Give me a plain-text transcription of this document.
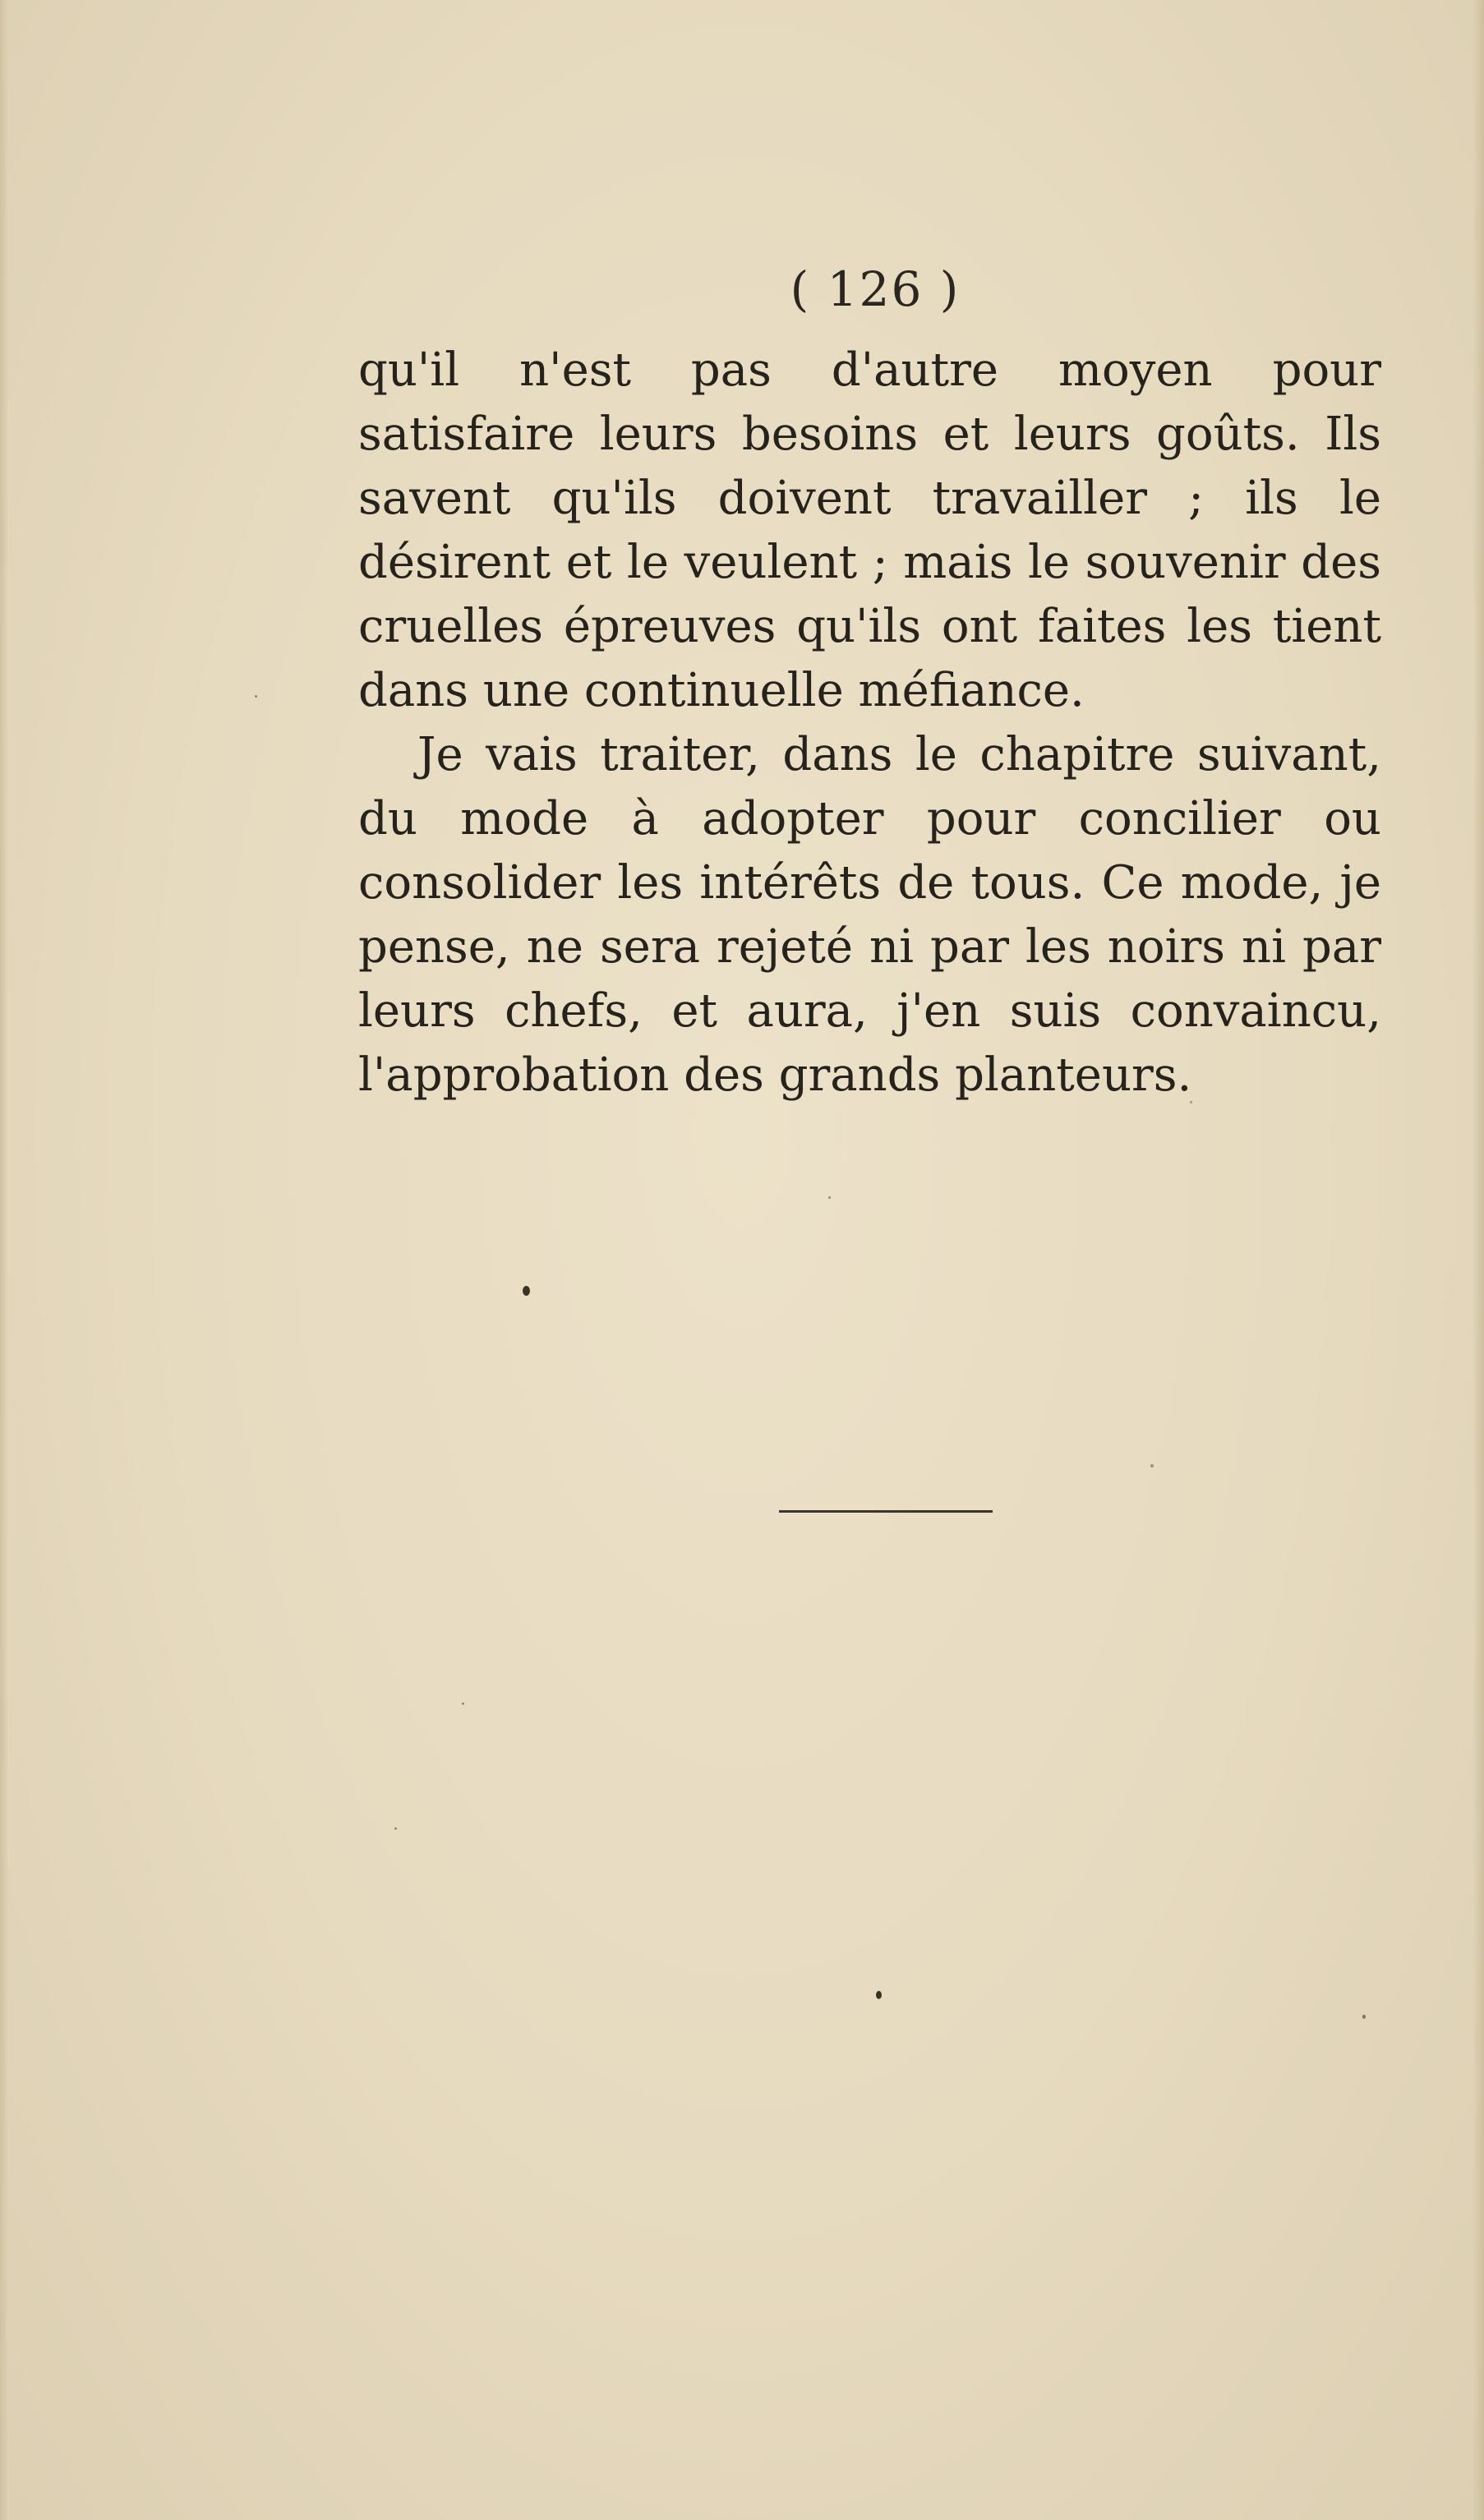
( 126 )

qu'il n'est pas d'autre moyen pour satisfaire leurs besoins et leurs goûts. Ils savent qu'ils doivent travailler ; ils le désirent et le veulent ; mais le souvenir des cruelles épreuves qu'ils ont faites les tient dans une continuelle méfiance.

Je vais traiter, dans le chapitre suivant, du mode à adopter pour concilier ou consolider les intérêts de tous. Ce mode, je pense, ne sera rejeté ni par les noirs ni par leurs chefs, et aura, j'en suis convaincu, l'approbation des grands planteurs.
